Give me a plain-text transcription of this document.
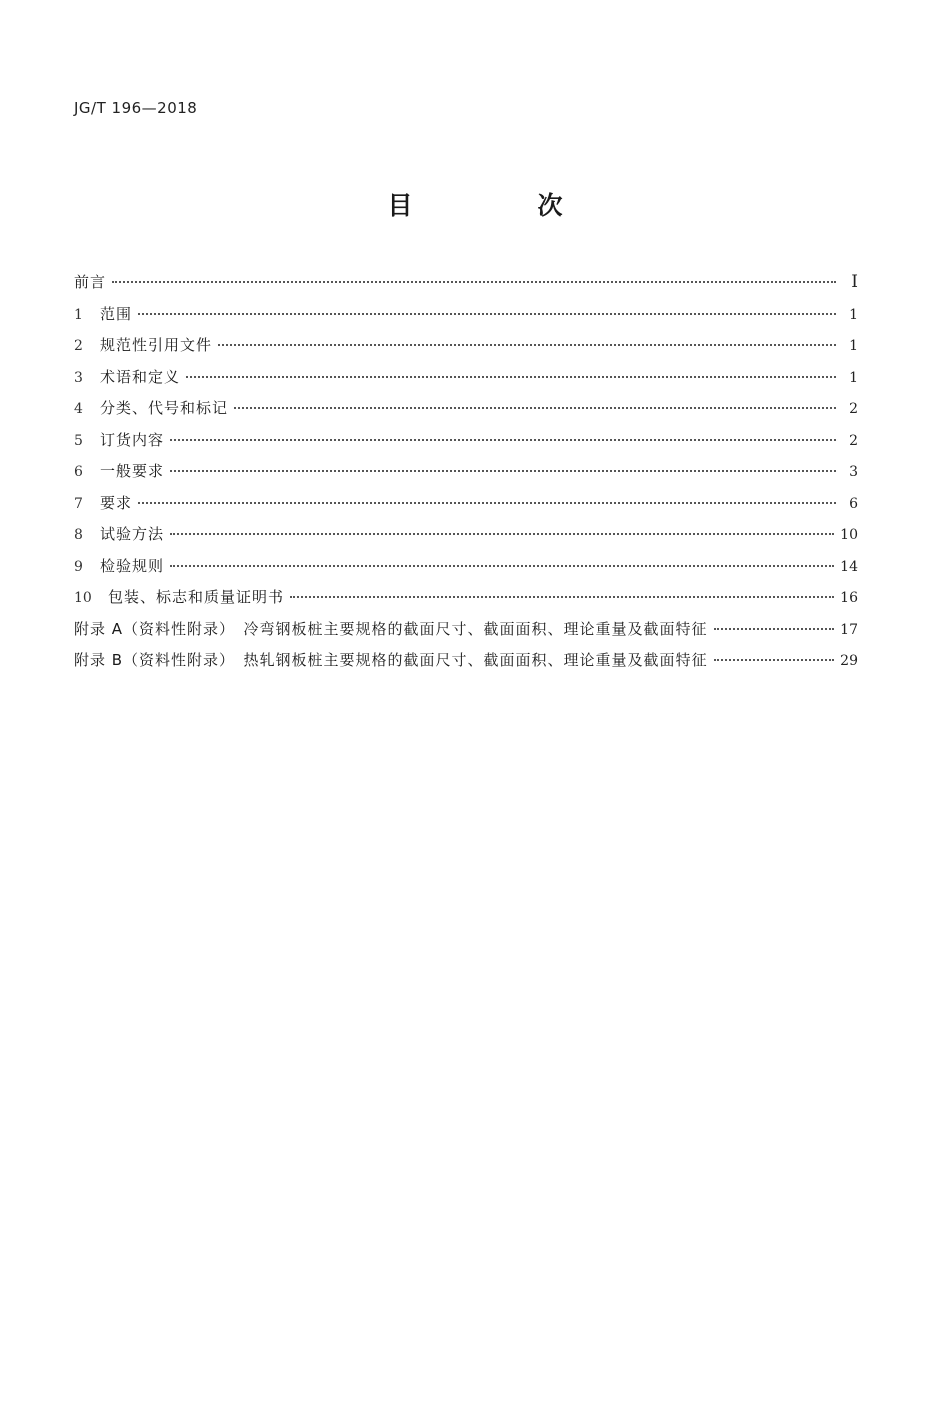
JG/T 196—2018
目　次
前言	I
1	范围	1
2	规范性引用文件	1
3	术语和定义	1
4	分类、代号和标记	2
5	订货内容	2
6	一般要求	3
7	要求	6
8	试验方法	10
9	检验规则	14
10	包装、标志和质量证明书	16
附录 A（资料性附录）　冷弯钢板桩主要规格的截面尺寸、截面面积、理论重量及截面特征	17
附录 B（资料性附录）　热轧钢板桩主要规格的截面尺寸、截面面积、理论重量及截面特征	29
